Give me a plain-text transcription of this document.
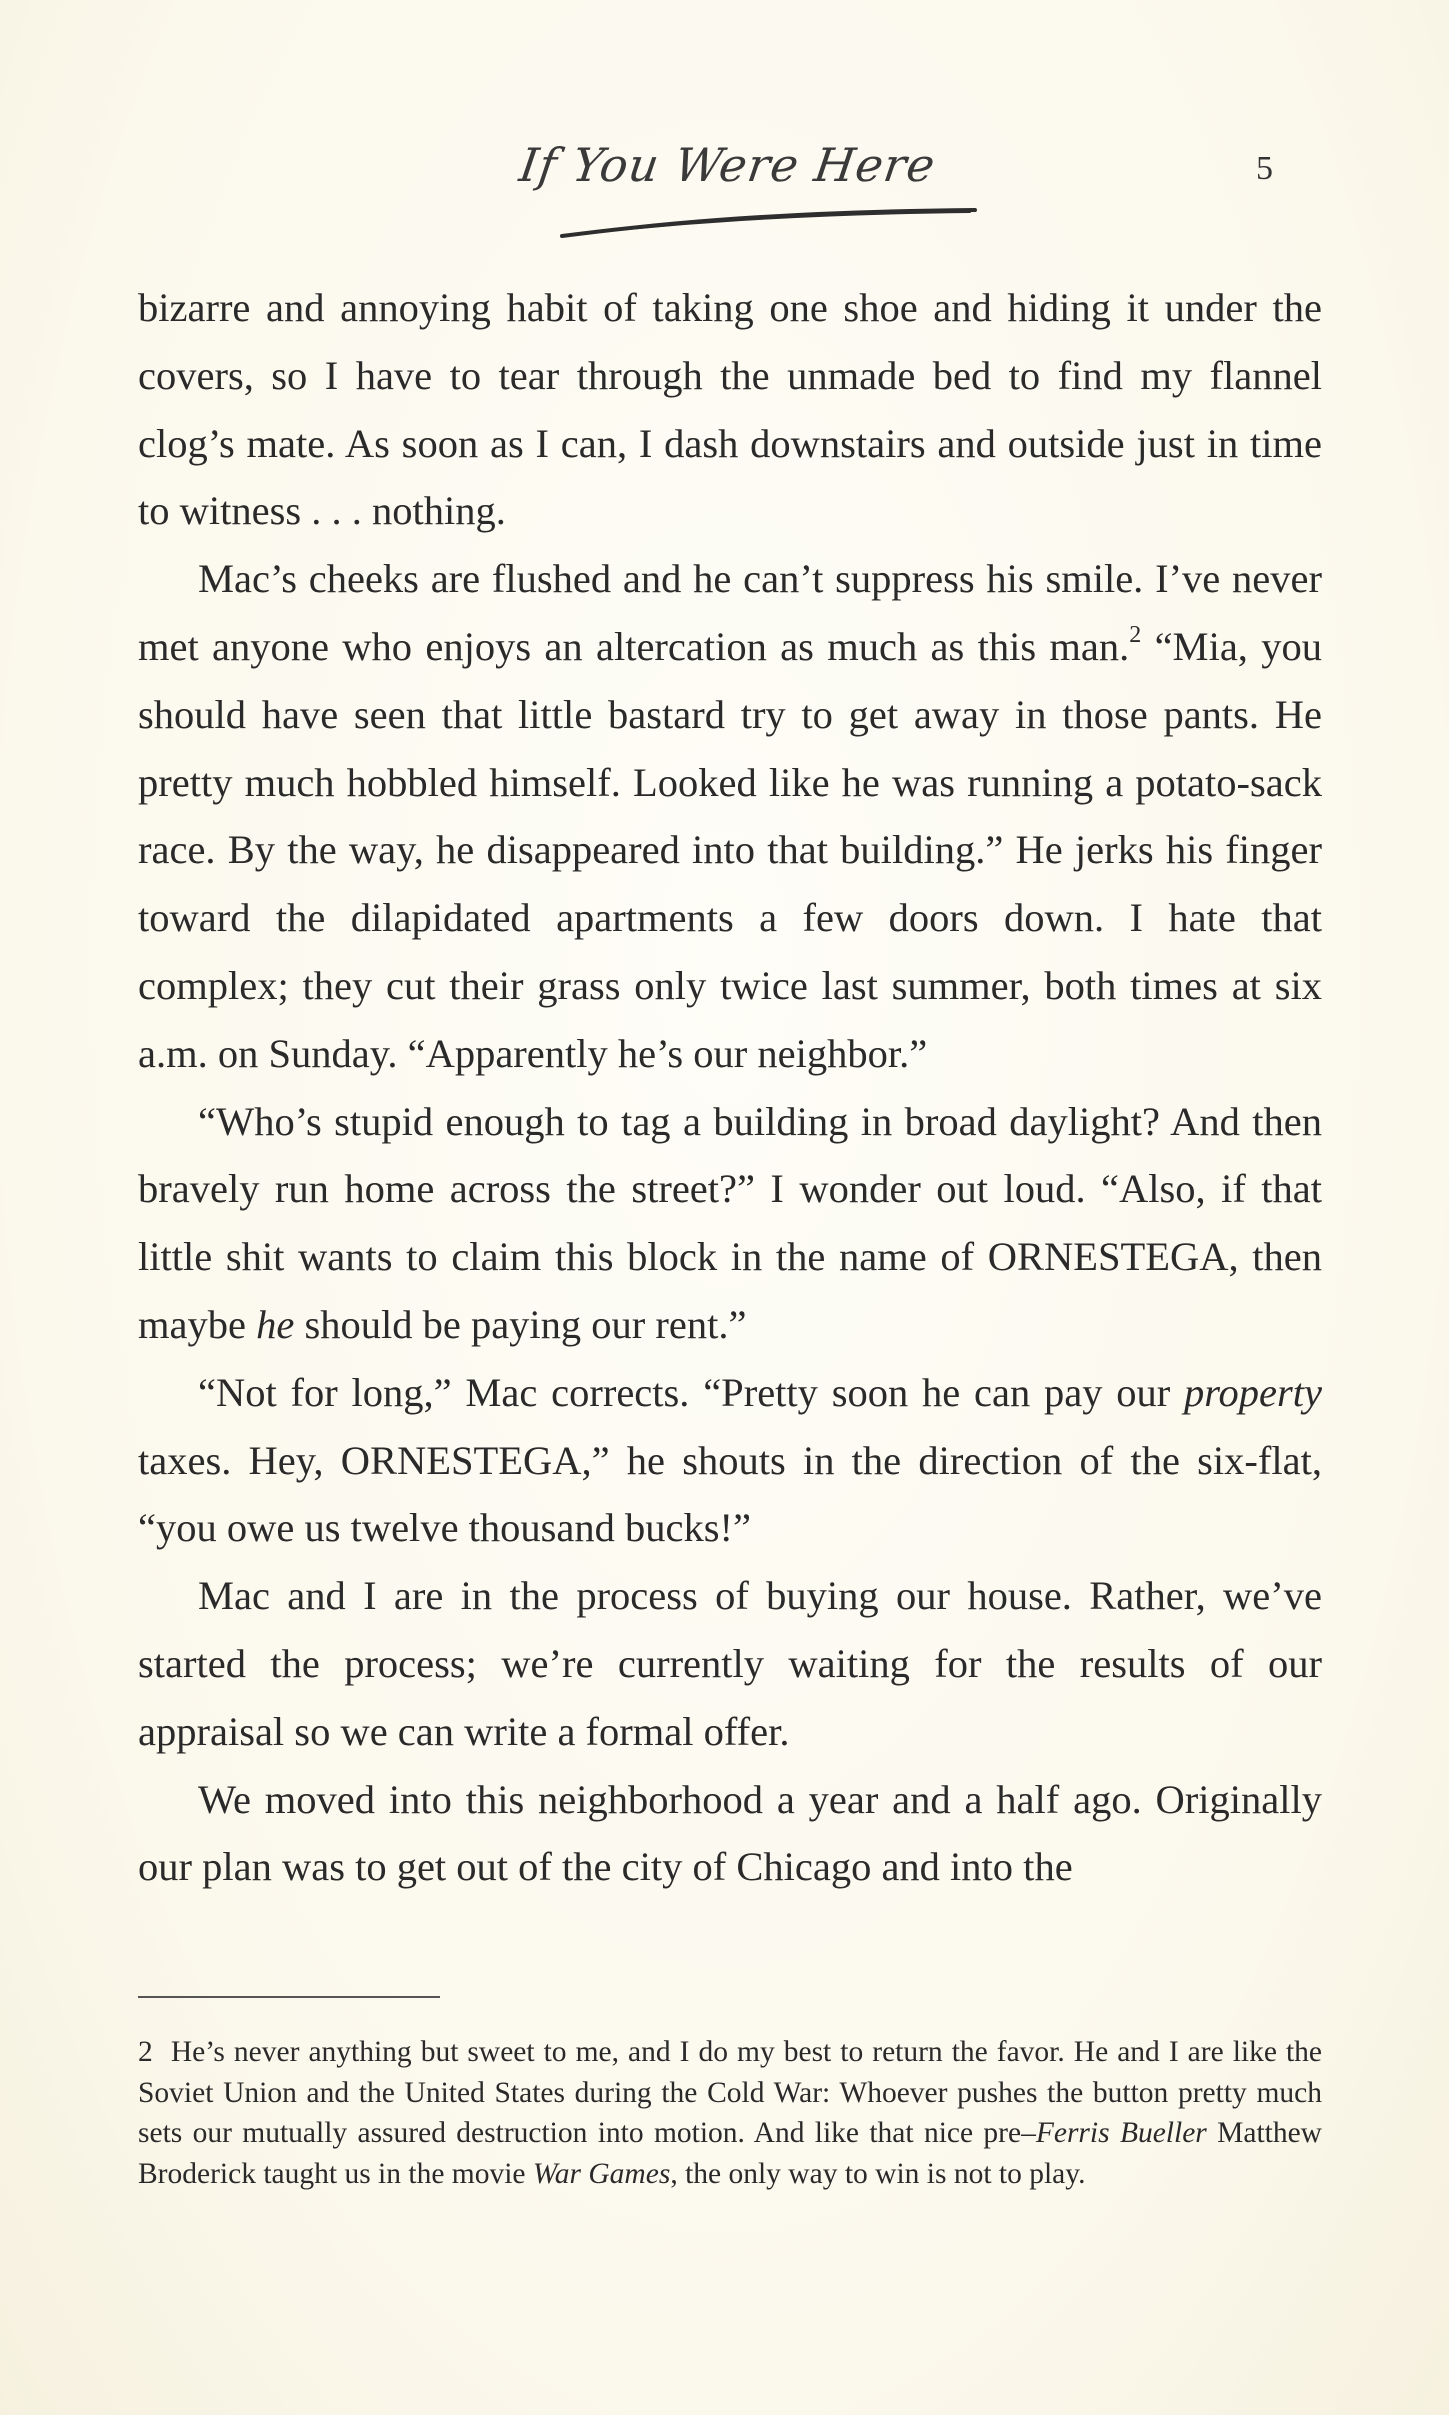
If You Were Here	5

bizarre and annoying habit of taking one shoe and hiding it under the covers, so I have to tear through the unmade bed to find my flannel clog’s mate. As soon as I can, I dash downstairs and outside just in time to witness . . . nothing.

Mac’s cheeks are flushed and he can’t suppress his smile. I’ve never met anyone who enjoys an altercation as much as this man.$^2$ “Mia, you should have seen that little bastard try to get away in those pants. He pretty much hobbled himself. Looked like he was running a potato-sack race. By the way, he disappeared into that building.” He jerks his finger toward the dilapidated apartments a few doors down. I hate that complex; they cut their grass only twice last summer, both times at six a.m. on Sunday. “Apparently he’s our neighbor.”

“Who’s stupid enough to tag a building in broad daylight? And then bravely run home across the street?” I wonder out loud. “Also, if that little shit wants to claim this block in the name of ORNESTEGA, then maybe he should be paying our rent.”

“Not for long,” Mac corrects. “Pretty soon he can pay our property taxes. Hey, ORNESTEGA,” he shouts in the direction of the six-flat, “you owe us twelve thousand bucks!”

Mac and I are in the process of buying our house. Rather, we’ve started the process; we’re currently waiting for the results of our appraisal so we can write a formal offer.

We moved into this neighborhood a year and a half ago. Originally our plan was to get out of the city of Chicago and into the

2 He’s never anything but sweet to me, and I do my best to return the favor. He and I are like the Soviet Union and the United States during the Cold War: Whoever pushes the button pretty much sets our mutually assured destruction into motion. And like that nice pre–Ferris Bueller Matthew Broderick taught us in the movie War Games, the only way to win is not to play.
